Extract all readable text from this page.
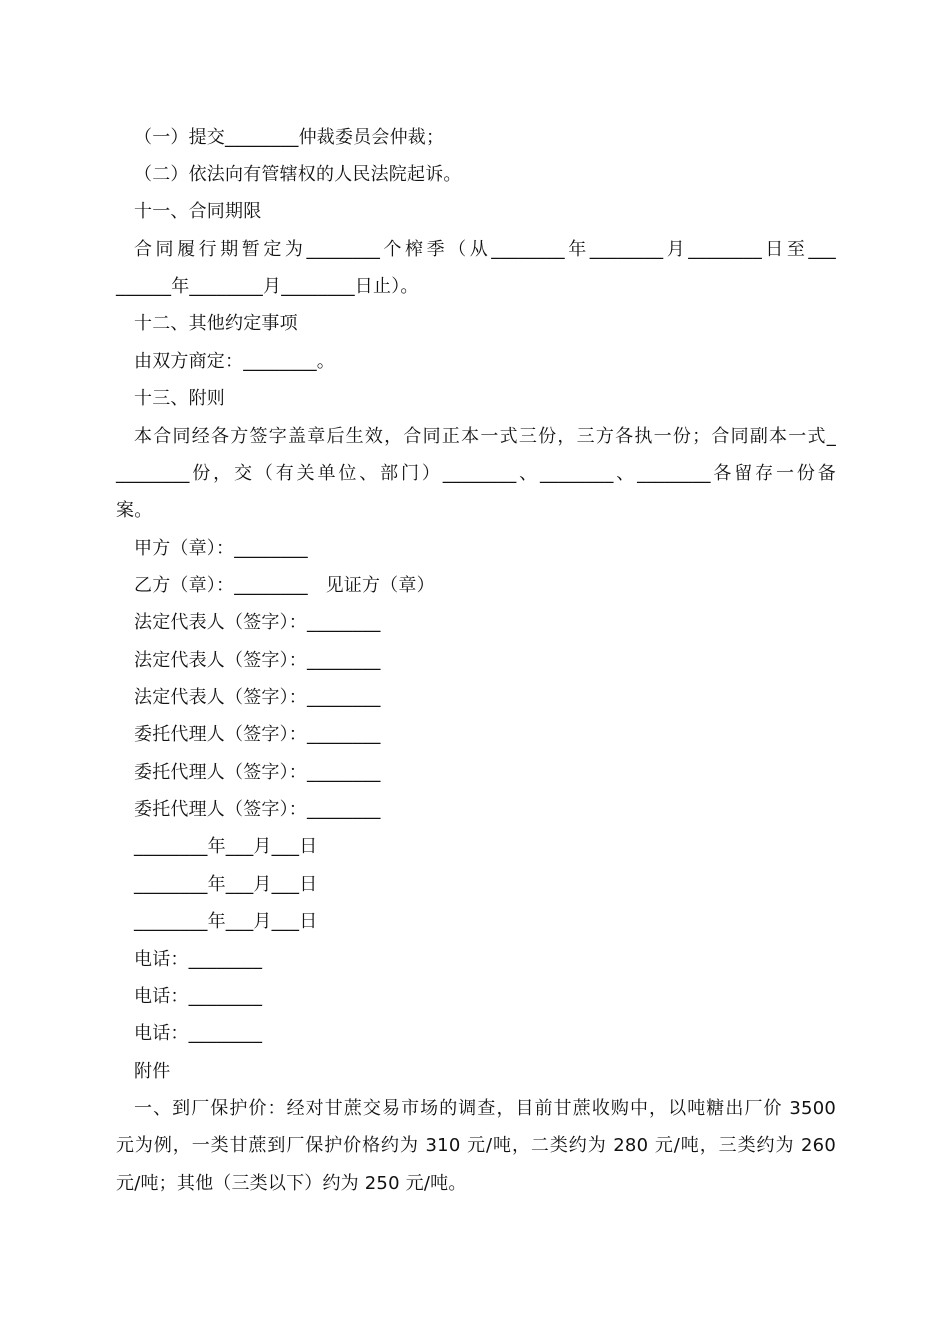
（一）提交________仲裁委员会仲裁；
（二）依法向有管辖权的人民法院起诉。
十一、合同期限
合同履行期暂定为________个榨季（从________年________月________日至___
______年________月________日止）。
十二、其他约定事项
由双方商定：________。
十三、附则
本合同经各方签字盖章后生效，合同正本一式三份，三方各执一份；合同副本一式_
________份，交（有关单位、部门）________、________、________各留存一份备
案。
甲方（章）：________
乙方（章）：________   见证方（章）
法定代表人（签字）：________
法定代表人（签字）：________
法定代表人（签字）：________
委托代理人（签字）：________
委托代理人（签字）：________
委托代理人（签字）：________
________年___月___日
________年___月___日
________年___月___日
电话：________
电话：________
电话：________
附件
一、到厂保护价：经对甘蔗交易市场的调查，目前甘蔗收购中，以吨糖出厂价 3500
元为例，一类甘蔗到厂保护价格约为 310 元/吨，二类约为 280 元/吨，三类约为 260
元/吨；其他（三类以下）约为 250 元/吨。
